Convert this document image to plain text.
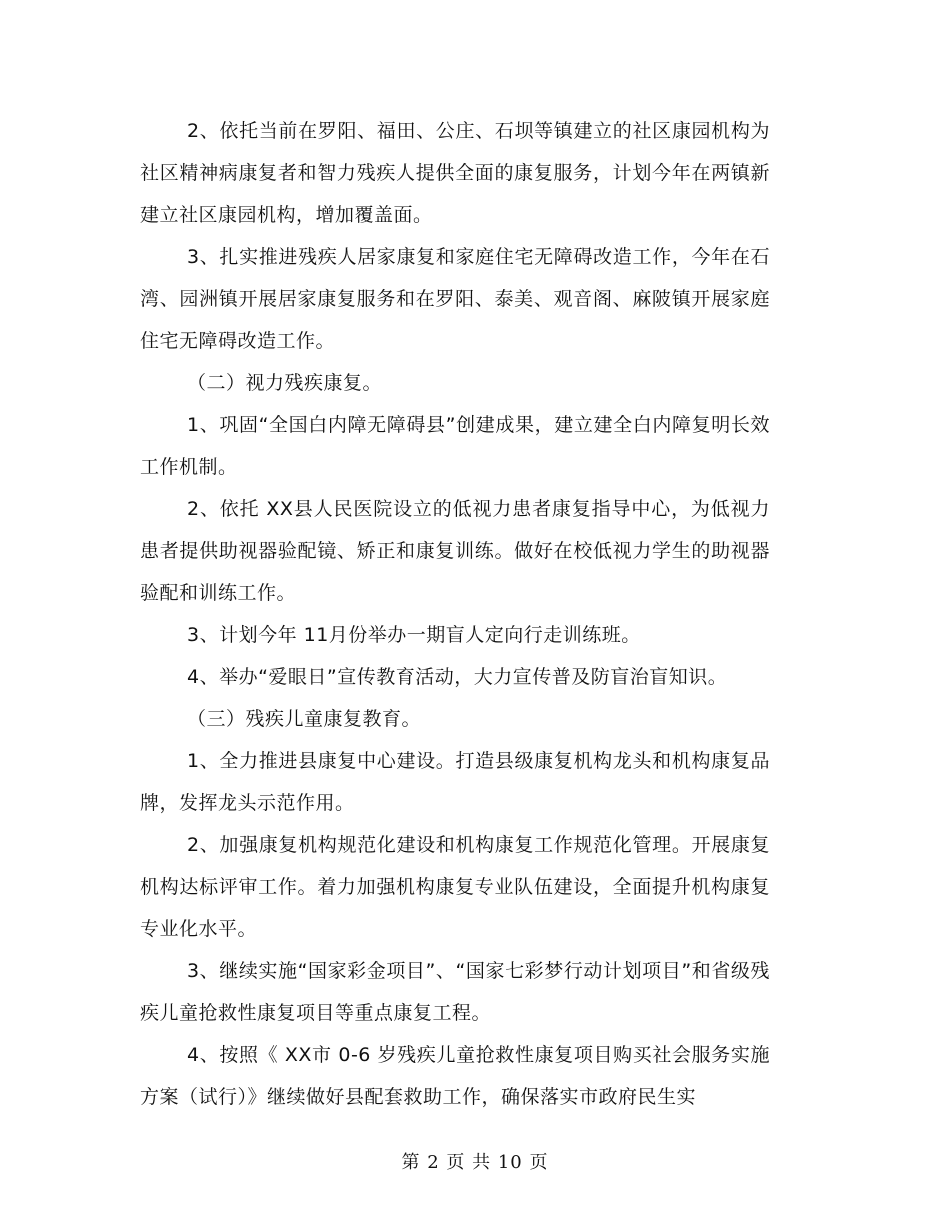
2、依托当前在罗阳、福田、公庄、石坝等镇建立的社区康园机构为社区精神病康复者和智力残疾人提供全面的康复服务，计划今年在两镇新建立社区康园机构，增加覆盖面。

3、扎实推进残疾人居家康复和家庭住宅无障碍改造工作，今年在石湾、园洲镇开展居家康复服务和在罗阳、泰美、观音阁、麻陂镇开展家庭住宅无障碍改造工作。

（二）视力残疾康复。

1、巩固“全国白内障无障碍县”创建成果，建立建全白内障复明长效工作机制。

2、依托 XX县人民医院设立的低视力患者康复指导中心，为低视力患者提供助视器验配镜、矫正和康复训练。做好在校低视力学生的助视器验配和训练工作。

3、计划今年 11月份举办一期盲人定向行走训练班。

4、举办“爱眼日”宣传教育活动，大力宣传普及防盲治盲知识。

（三）残疾儿童康复教育。

1、全力推进县康复中心建设。打造县级康复机构龙头和机构康复品牌，发挥龙头示范作用。

2、加强康复机构规范化建设和机构康复工作规范化管理。开展康复机构达标评审工作。着力加强机构康复专业队伍建设，全面提升机构康复专业化水平。

3、继续实施“国家彩金项目”、“国家七彩梦行动计划项目”和省级残疾儿童抢救性康复项目等重点康复工程。

4、按照《 XX市 0-6 岁残疾儿童抢救性康复项目购买社会服务实施方案（试行）》继续做好县配套救助工作，确保落实市政府民生实

第 2 页 共 10 页
